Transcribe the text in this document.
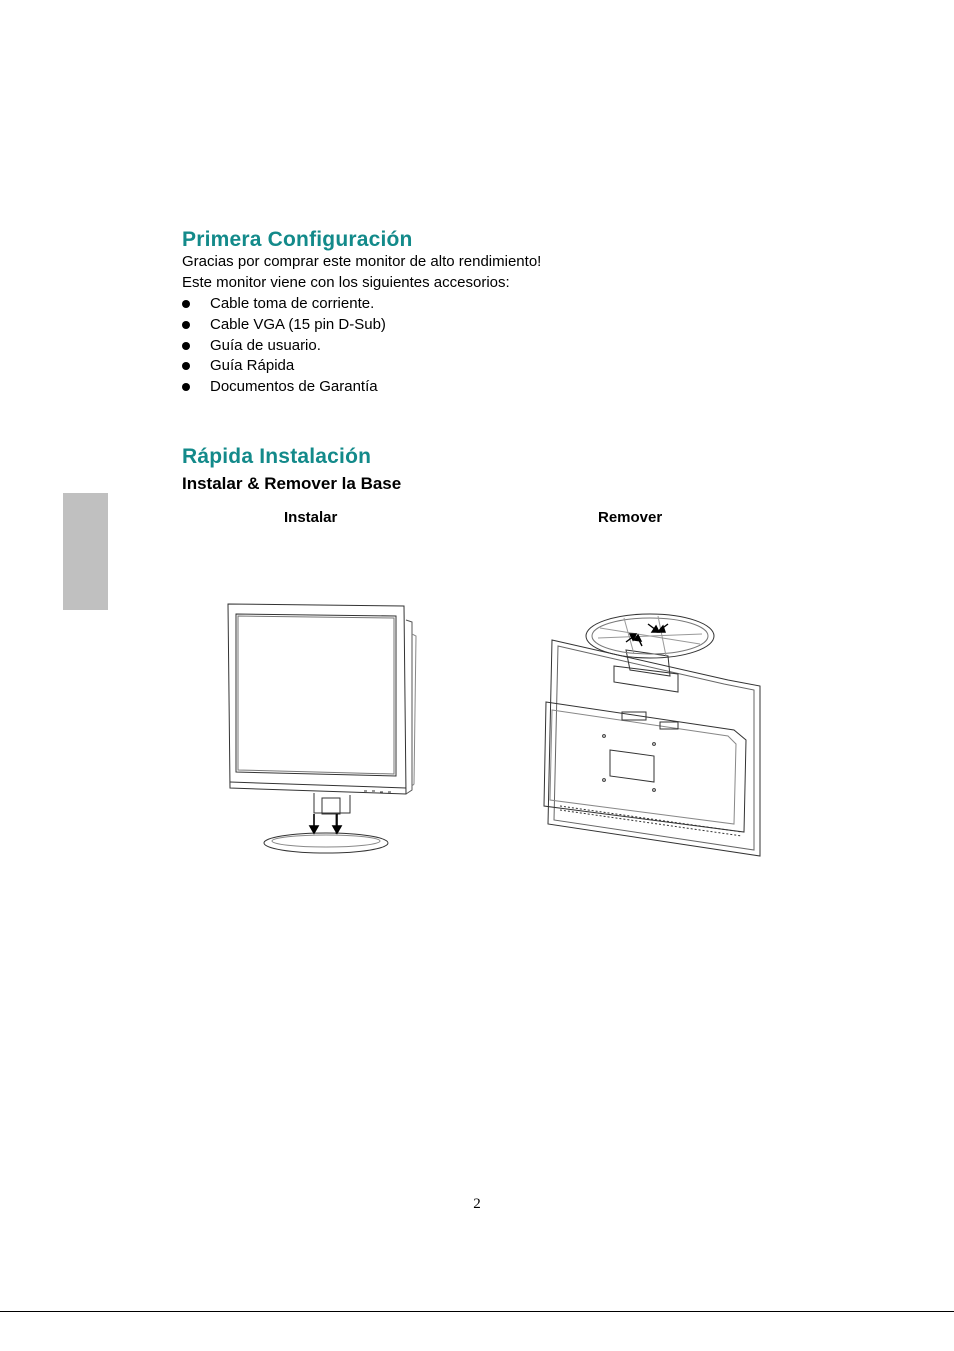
Primera Configuración

Gracias por comprar este monitor de alto rendimiento!

Este monitor viene con los siguientes accesorios:

Cable toma de corriente.
Cable VGA (15 pin D-Sub)
Guía de usuario.
Guía Rápida
Documentos de Garantía
Rápida Instalación

Instalar & Remover la Base

Instalar	Remover
2
